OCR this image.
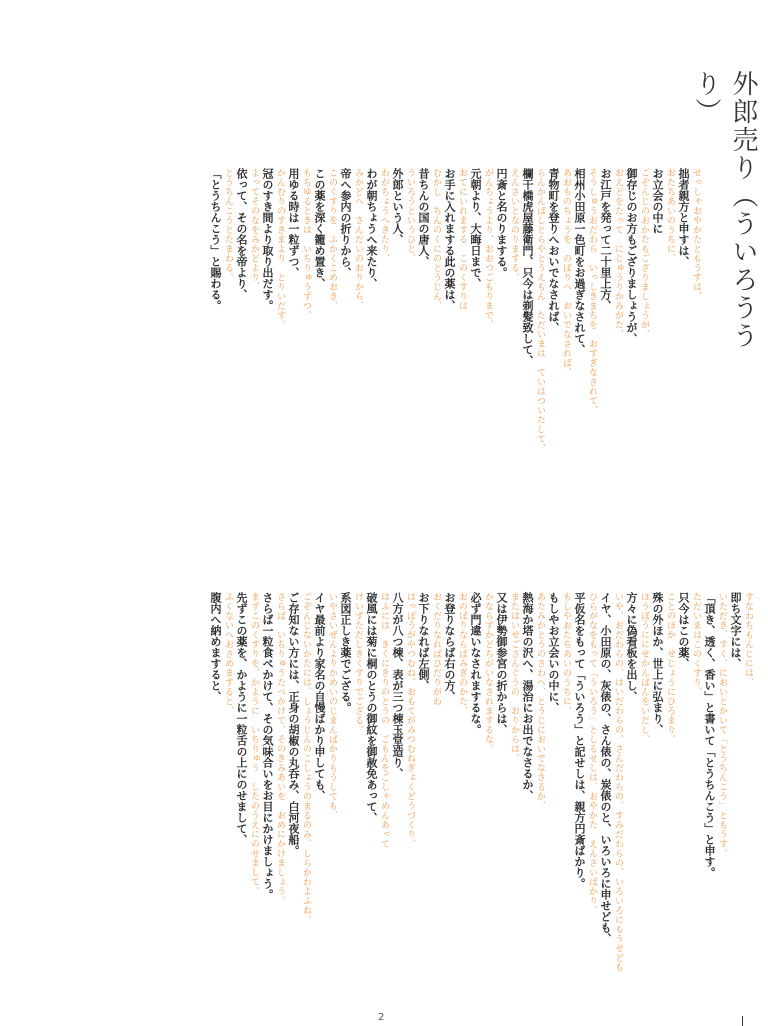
外郎売り（ういろううり）
せっしゃおやかたともうすは、
拙者親方と申すは、
おたちあいのうちに、
お立会の中に
ごぞんじのおかたもござりましょうが、
御存じのお方もござりましょうが、
おえどをたって　にじゅうりかみがた、
お江戸を発って二十里上方、
そうしゅうおだわら　いっしきまちを　おすぎなされて、
相州小田原一色町をお過ぎなされて、
あおものちょうを　のぼりへ　おいでなされば、
青物町を登りへおいでなされば、
らんかんばしとらやとうえもん　ただいまは　ていはついたして、
欄干橋虎屋藤衛門、只今は剃髪致して、
えんさいとなのりまする。
円斎と名のりまする。
がんちょうより、おおつごもりまで、
元朝より、大晦日まで、
おてにいれまする　このくすりは
お手に入れまする此の薬は、
むかし　ちんのくにのとうじん、
昔ちんの国の唐人、
ういろうというひと、
外郎という人、
わがちょうへきたり、
わが朝ちょうへ来たり、
みかどへ　さんだいのおりから、
帝へ参内の折りから、
このくすりを　ふかくこめおき、
この薬を深く籠め置き、
もちゆるときは　いちりゅうずつ、
用ゆる時は一粒ずつ、
かんむりのすきまより　とりいだす。
冠のすき間より取り出だす。
よってそのなをみかどより、
依って、その名を帝より、
とうちんこうとたまわる。
「とうちんこう」と賜わる。
すなわちもんじには、
即ち文字には、
いただき、すく、においとかいて「とうちんこう」ともうす。
「頂き、透く、香い」と書いて「とうちんこう」と申す。
ただいまはこのくすり、
只今はこの薬、
ことのほか　せじょうにひろまり、
殊の外ほか、世上に弘まり、
ほうぼうににせかんばんをいだし、
方々に偽看板を出し、
いや、おだわらの、はいだわらの、さんだわらの、すみだわらの、いろいろにもうせども
イヤ、小田原の、灰俵の、さん俵の、炭俵のと、いろいろに申せども、
ひらがなをもって「ういろう」としるせしは、おやかた　えんさいばかり。
平仮名をもって「ういろう」と記せしは、親方円斎ばかり。
もしやおたちあいのうちに、
もしやお立会いの中に、
あたみかとうのさわへ、とうじにおいでなさるか、
熱海か塔の沢へ、湯治にお出でなさるか、
またはいせごさんぐうの　おりからは、
又は伊勢御参宮の折からは、
かならずかどちがいなされまするな。
必ず門違いなされまするな。
おのぼりならばみぎのかた、
お登りならば右の方、
おくだりなればひだりがわ
お下りなれば左側、
はっぽうがやつむね、おもてがみつむねぎょくどうづくり、
八方が八つ棟、表が三つ棟玉堂造り、
はふには　きくにきりのとうの　ごもんをごしゃめんあって
破風には菊に桐のとうの御紋を御赦免あって、
けいずただしきくすりでござる。
系図正しき薬でござる。
いやさいぜんよりかめいのじまんばかりもうしても、
イヤ最前より家名の自慢ばかり申しても、
ごぞんじないかたには、しょうじんのこしょうのまるのみ、しらかわよふね。
ご存知ない方には、正身の胡椒の丸呑み、白河夜船。
さらば　いちりゅうたべかけて、そのきみあいを　おめにかけましょう。
さらば一粒食べかけて、その気味合いをお目にかけましょう。
まずこのくすりを、かように　いちりゅう　したのうえにのせまして、
先ずこの薬を、かように一粒舌の上にのせまして、
ふくないへおさめますると、
腹内へ納めますると、
2
